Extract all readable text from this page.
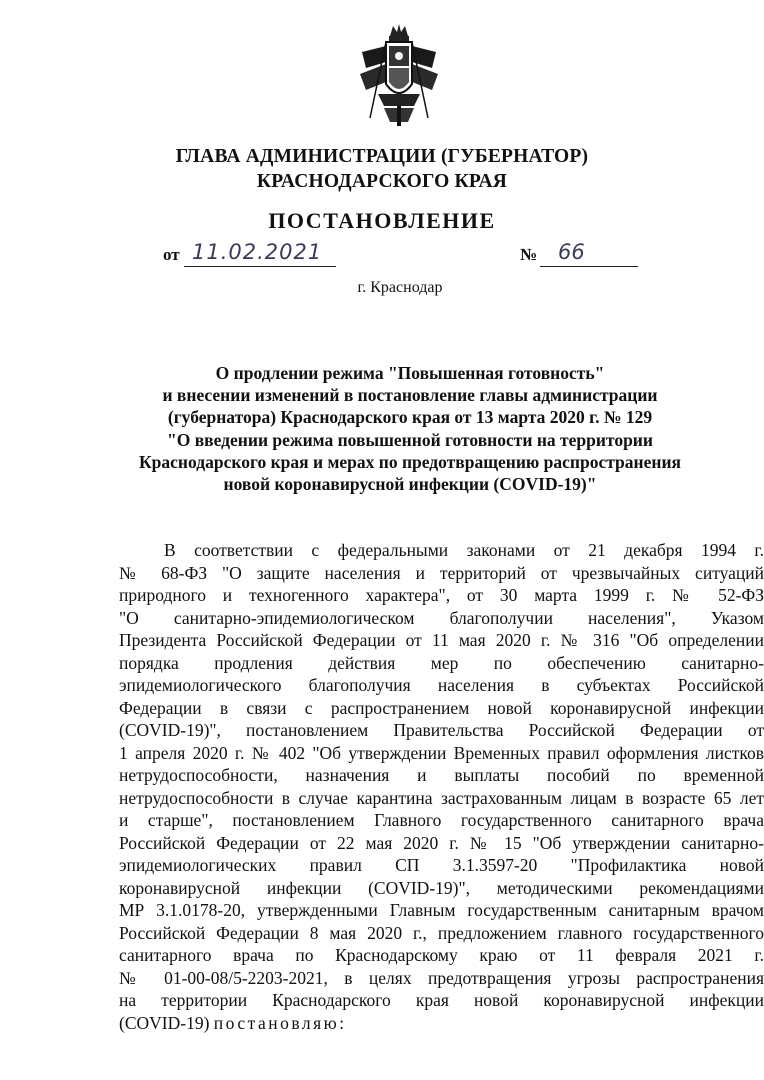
ГЛАВА АДМИНИСТРАЦИИ (ГУБЕРНАТОР)
КРАСНОДАРСКОГО КРАЯ
ПОСТАНОВЛЕНИЕ
от 11.02.2021	№ 66
г. Краснодар
О продлении режима "Повышенная готовность"
и внесении изменений в постановление главы администрации
(губернатора) Краснодарского края от 13 марта 2020 г. № 129
"О введении режима повышенной готовности на территории
Краснодарского края и мерах по предотвращению распространения
новой коронавирусной инфекции (COVID-19)"
В соответствии с федеральными законами от 21 декабря 1994 г.
№ 68-ФЗ "О защите населения и территорий от чрезвычайных ситуаций
природного и техногенного характера", от 30 марта 1999 г. № 52-ФЗ
"О санитарно-эпидемиологическом благополучии населения", Указом
Президента Российской Федерации от 11 мая 2020 г. № 316 "Об определении
порядка продления действия мер по обеспечению санитарно-
эпидемиологического благополучия населения в субъектах Российской
Федерации в связи с распространением новой коронавирусной инфекции
(COVID-19)", постановлением Правительства Российской Федерации от
1 апреля 2020 г. № 402 "Об утверждении Временных правил оформления листков
нетрудоспособности, назначения и выплаты пособий по временной
нетрудоспособности в случае карантина застрахованным лицам в возрасте 65 лет
и старше", постановлением Главного государственного санитарного врача
Российской Федерации от 22 мая 2020 г. № 15 "Об утверждении санитарно-
эпидемиологических правил СП 3.1.3597-20 "Профилактика новой
коронавирусной инфекции (COVID-19)", методическими рекомендациями
МР 3.1.0178-20, утвержденными Главным государственным санитарным врачом
Российской Федерации 8 мая 2020 г., предложением главного государственного
санитарного врача по Краснодарскому краю от 11 февраля 2021 г.
№ 01-00-08/5-2203-2021, в целях предотвращения угрозы распространения
на территории Краснодарского края новой коронавирусной инфекции
(COVID-19) постановляю:
